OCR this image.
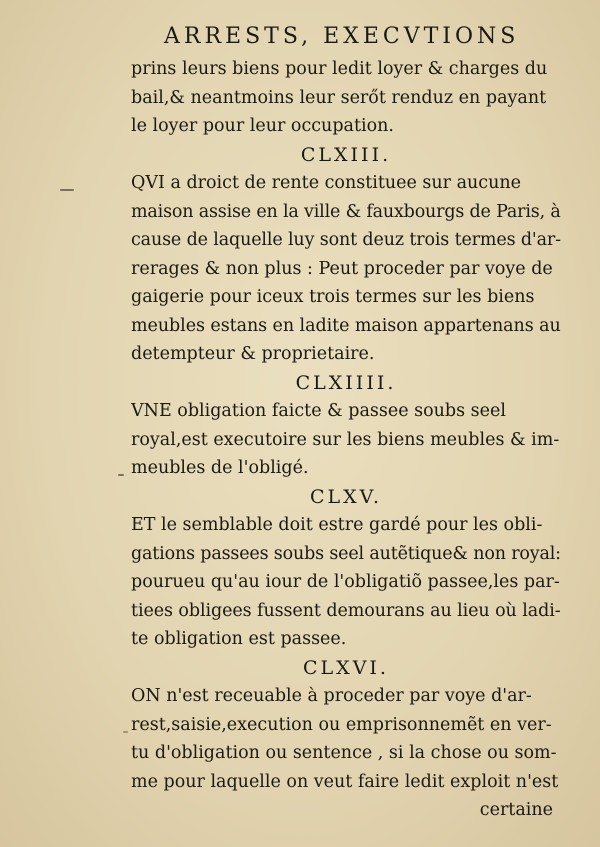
ARRESTS, EXECVTIONS
prins leurs biens pour ledit loyer & charges du
bail,& neantmoins leur serőt renduz en payant
le loyer pour leur occupation.
CLXIII.
QVI a droict de rente constituee sur aucune
maison assise en la ville & fauxbourgs de Paris, à
cause de laquelle luy sont deuz trois termes d'ar-
rerages & non plus : Peut proceder par voye de
gaigerie pour iceux trois termes sur les biens
meubles estans en ladite maison appartenans au
detempteur & proprietaire.
CLXIIII.
VNE obligation faicte & passee soubs seel
royal,est executoire sur les biens meubles & im-
meubles de l'obligé.
CLXV.
ET le semblable doit estre gardé pour les obli-
gations passees soubs seel autẽtique& non royal:
pourueu qu'au iour de l'obligatiõ passee,les par-
tiees obligees fussent demourans au lieu où ladi-
te obligation est passee.
CLXVI.
ON n'est receuable à proceder par voye d'ar-
rest,saisie,execution ou emprisonnemẽt en ver-
tu d'obligation ou sentence , si la chose ou som-
me pour laquelle on veut faire ledit exploit n'est
certaine
